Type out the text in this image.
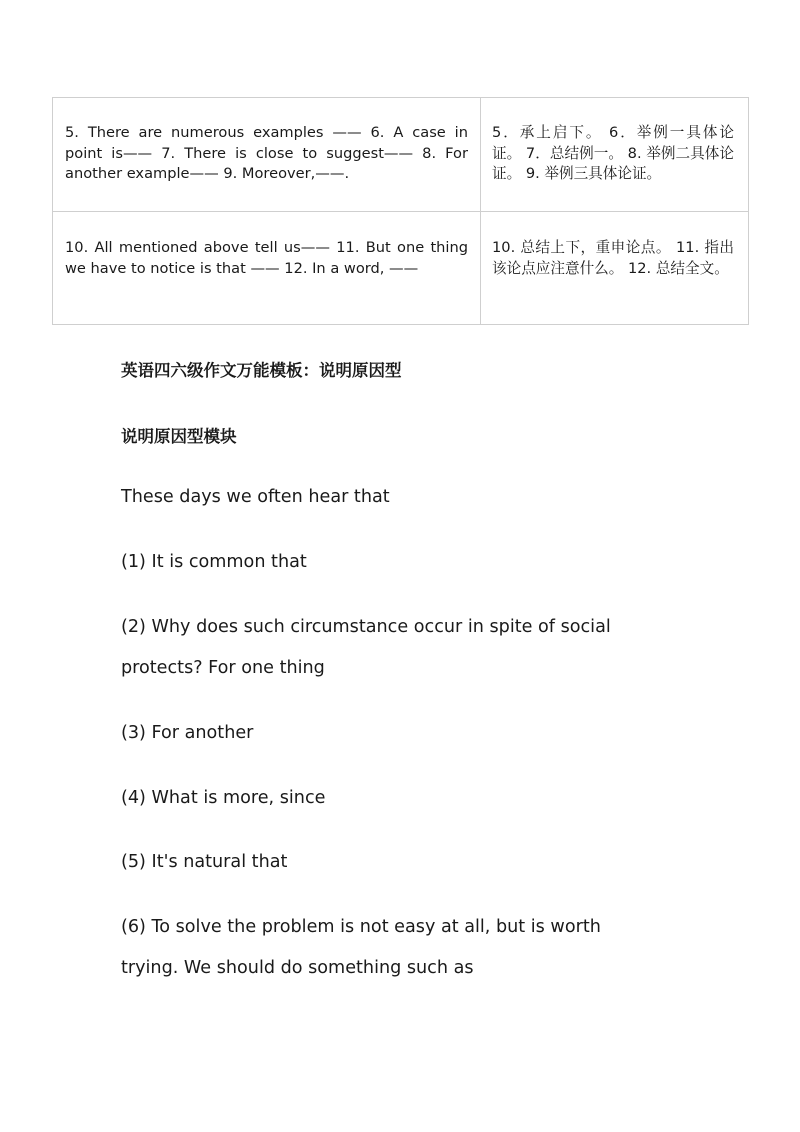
5. There are numerous examples —— 6. A case in point is—— 7. There is close to suggest—— 8. For another example—— 9. Moreover,——.	5．承上启下。 6．举例一具体论证。 7．总结例一。 8. 举例二具体论证。 9. 举例三具体论证。

10. All mentioned above tell us—— 11. But one thing we have to notice is that —— 12. In a word, ——	10. 总结上下，重申论点。 11. 指出该论点应注意什么。 12. 总结全文。

英语四六级作文万能模板：说明原因型
说明原因型模块

These days we often hear that

(1) It is common that

(2) Why does such circumstance occur in spite of social protects? For one thing

(3) For another

(4) What is more, since

(5) It's natural that

(6) To solve the problem is not easy at all, but is worth trying. We should do something such as
